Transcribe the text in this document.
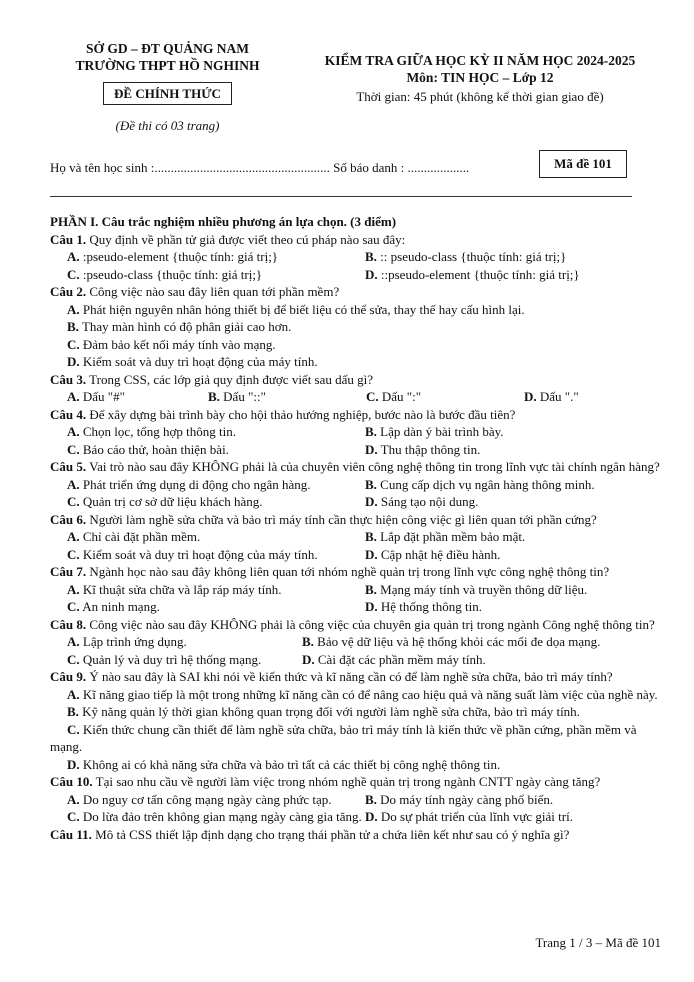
SỞ GD – ĐT QUẢNG NAM
TRƯỜNG THPT HỒ NGHINH
ĐỀ CHÍNH THỨC
(Đề thi có 03 trang)
KIỂM TRA GIỮA HỌC KỲ II NĂM HỌC 2024-2025
Môn: TIN HỌC – Lớp 12
Thời gian: 45 phút (không kể thời gian giao đề)
Họ và tên học sinh :...................................................... Số báo danh : ...................	Mã đề 101
PHẦN I. Câu trắc nghiệm nhiều phương án lựa chọn. (3 điểm)
Câu 1. Quy định về phần tử giả được viết theo cú pháp nào sau đây:
A. :pseudo-element {thuộc tính: giá trị;}	B. :: pseudo-class {thuộc tính: giá trị;}
C. :pseudo-class {thuộc tính: giá trị;}	D. ::pseudo-element {thuộc tính: giá trị;}
Câu 2. Công việc nào sau đây liên quan tới phần mềm?
A. Phát hiện nguyên nhân hỏng thiết bị để biết liệu có thể sửa, thay thế hay cấu hình lại.
B. Thay màn hình có độ phân giải cao hơn.
C. Đảm bảo kết nối máy tính vào mạng.
D. Kiểm soát và duy trì hoạt động của máy tính.
Câu 3. Trong CSS, các lớp giả quy định được viết sau dấu gì?
A. Dấu "#"	B. Dấu "::"	C. Dấu ":"	D. Dấu "."
Câu 4. Để xây dựng bài trình bày cho hội thảo hướng nghiệp, bước nào là bước đầu tiên?
A. Chọn lọc, tổng hợp thông tin.	B. Lập dàn ý bài trình bày.
C. Báo cáo thử, hoàn thiện bài.	D. Thu thập thông tin.
Câu 5. Vai trò nào sau đây KHÔNG phải là của chuyên viên công nghệ thông tin trong lĩnh vực tài chính ngân hàng?
A. Phát triển ứng dụng di động cho ngân hàng.	B. Cung cấp dịch vụ ngân hàng thông minh.
C. Quản trị cơ sở dữ liệu khách hàng.	D. Sáng tạo nội dung.
Câu 6. Người làm nghề sửa chữa và bảo trì máy tính cần thực hiện công việc gì liên quan tới phần cứng?
A. Chỉ cài đặt phần mềm.	B. Lắp đặt phần mềm bảo mật.
C. Kiểm soát và duy trì hoạt động của máy tính.	D. Cập nhật hệ điều hành.
Câu 7. Ngành học nào sau đây không liên quan tới nhóm nghề quản trị trong lĩnh vực công nghệ thông tin?
A. Kĩ thuật sửa chữa và lắp ráp máy tính.	B. Mạng máy tính và truyền thông dữ liệu.
C. An ninh mạng.	D. Hệ thống thông tin.
Câu 8. Công việc nào sau đây KHÔNG phải là công việc của chuyên gia quản trị trong ngành Công nghệ thông tin?
A. Lập trình ứng dụng.	B. Bảo vệ dữ liệu và hệ thống khỏi các mối đe dọa mạng.
C. Quản lý và duy trì hệ thống mạng.	D. Cài đặt các phần mềm máy tính.
Câu 9. Ý nào sau đây là SAI khi nói về kiến thức và kĩ năng cần có để làm nghề sửa chữa, bảo trì máy tính?
A. Kĩ năng giao tiếp là một trong những kĩ năng cần có để nâng cao hiệu quả và năng suất làm việc của nghề này.
B. Kỹ năng quản lý thời gian không quan trọng đối với người làm nghề sửa chữa, bảo trì máy tính.
C. Kiến thức chung cần thiết để làm nghề sửa chữa, bảo trì máy tính là kiến thức về phần cứng, phần mềm và mạng.
D. Không ai có khả năng sửa chữa và bảo trì tất cả các thiết bị công nghệ thông tin.
Câu 10. Tại sao nhu cầu về người làm việc trong nhóm nghề quản trị trong ngành CNTT ngày càng tăng?
A. Do nguy cơ tấn công mạng ngày càng phức tạp.	B. Do máy tính ngày càng phổ biến.
C. Do lừa đảo trên không gian mạng ngày càng gia tăng. D. Do sự phát triển của lĩnh vực giải trí.
Câu 11. Mô tả CSS thiết lập định dạng cho trạng thái phần tử a chứa liên kết như sau có ý nghĩa gì?
Trang 1 / 3 – Mã đề 101
